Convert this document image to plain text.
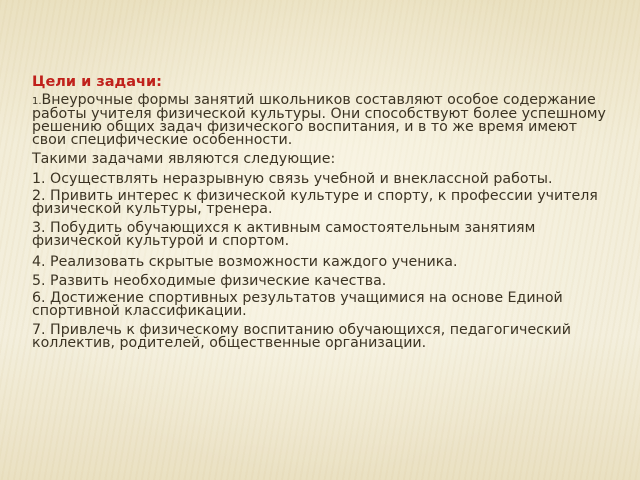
Цели и задачи:
1.Внеурочные формы занятий школьников составляют особое содержание работы учителя физической культуры. Они способствуют более успешному решению общих задач физического воспитания, и в то же время имеют свои специфические особенности.
Такими задачами являются следующие:
1. Осуществлять неразрывную связь учебной и внеклассной работы.
2. Привить интерес к физической культуре и спорту, к профессии учителя физической культуры, тренера.
3. Побудить обучающихся к активным самостоятельным занятиям физической культурой и спортом.
4. Реализовать скрытые возможности каждого ученика.
5. Развить необходимые физические качества.
6. Достижение спортивных результатов учащимися на основе Единой спортивной классификации.
7. Привлечь к физическому воспитанию обучающихся, педагогический коллектив, родителей, общественные организации.
